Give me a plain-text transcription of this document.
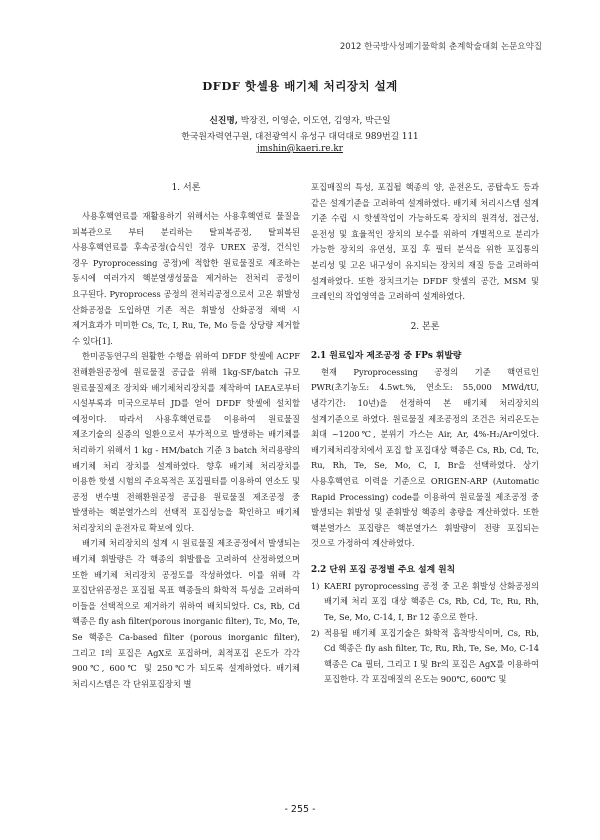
2012 한국방사성폐기물학회 춘계학술대회 논문요약집
DFDF 핫셀용 배기체 처리장치 설계
신진명, 박장진, 이영순, 이도연, 김영자, 박근일
한국원자력연구원, 대전광역시 유성구 대덕대로 989번길 111
jmshin@kaeri.re.kr
1. 서론

사용후핵연료를 재활용하기 위해서는 사용후핵연료 물질을 피복관으로 부터 분리하는 탈피복공정, 탈피복된 사용후핵연료를 후속공정(습식인 경우 UREX 공정, 건식인 경우 Pyroprocessing 공정)에 적합한 원료물질로 제조하는 동시에 여러가지 핵분열생성물을 제거하는 전처리 공정이 요구된다. Pyroprocess 공정의 전처리공정으로서 고온 휘발성 산화공정을 도입하면 기존 적은 휘발성 산화공정 채택 시 제거효과가 미미한 Cs, Tc, I, Ru, Te, Mo 등을 상당량 제거할 수 있다[1].

한미공동연구의 원활한 수행을 위하여 DFDF 핫셀에 ACPF 전해환원공정에 원료물질 공급을 위해 1kg-SF/batch 규모 원료물질제조 장치와 배기체처리장치를 제작하여 IAEA로부터 시설부록과 미국으로부터 JD를 얻어 DFDF 핫셀에 설치할 예정이다. 따라서 사용후핵연료를 이용하여 원료물질 제조기술의 실증의 일환으로서 부가적으로 발생하는 배기체를 처리하기 위해서 1 kg - HM/batch 기준 3 batch 처리용량의 배기체 처리 장치를 설계하였다. 향후 배기체 처리장치를 이용한 핫셀 시험의 주요목적은 포집필터를 이용하여 연소도 및 공정 변수별 전해환원공정 공급용 원료물질 제조공정 중 발생하는 핵분열가스의 선택적 포집성능을 확인하고 배기체 처리장치의 운전자료 확보에 있다.

배기체 처리장치의 설계 시 원료물질 제조공정에서 발생되는 배기체 휘발량은 각 핵종의 휘발률을 고려하여 산정하였으며 또한 배기체 처리장치 공정도를 작성하였다. 이를 위해 각 포집단위공정은 포집될 목표 핵종들의 화학적 특성을 고려하여 이들을 선택적으로 제거하기 위하여 배치되었다. Cs, Rb, Cd 핵종은 fly ash filter(porous inorganic filter), Tc, Mo, Te, Se 핵종은 Ca-based filter (porous inorganic filter), 그리고 I의 포집은 AgX로 포집하며, 최적포집 온도가 각각 900℃, 600℃ 및 250℃가 되도록 설계하였다. 배기체 처리시스템은 각 단위포집장치 별

포집매질의 특성, 포집될 핵종의 양, 운전온도, 공탑속도 등과 같은 설계기준을 고려하여 설계하였다. 배기체 처리시스템 설계 기준 수립 시 핫셀작업이 가능하도록 장치의 원격성, 접근성, 운전성 및 효율적인 장치의 보수를 위하여 개별적으로 분리가 가능한 장치의 유연성, 포집 후 필터 분석을 위한 포집통의 분리성 및 고온 내구성이 유지되는 장치의 재질 등을 고려하여 설계하였다. 또한 장치크기는 DFDF 핫셀의 공간, MSM 및 크레인의 작업영역을 고려하여 설계하였다.

2. 본론
2.1 원료입자 제조공정 중 FPs 휘발량

현재 Pyroprocessing 공정의 기준 핵연료인 PWR(초기농도: 4.5wt.%, 연소도: 55,000 MWd/tU, 냉각기간: 10년)을 선정하여 본 배기체 처리장치의 설계기준으로 하였다. 원료물질 제조공정의 조건은 처리온도는 최대 ~1200℃, 분위기 가스는 Air, Ar, 4%-H₂/Ar이었다. 배기체처리장치에서 포집 할 포집대상 핵종은 Cs, Rb, Cd, Tc, Ru, Rh, Te, Se, Mo, C, I, Br을 선택하였다. 상기 사용후핵연료 이력을 기준으로 ORIGEN-ARP (Automatic Rapid Processing) code를 이용하여 원료물질 제조공정 중 발생되는 휘발성 및 준휘발성 핵종의 총량을 계산하였다. 또한 핵분열가스 포집량은 핵분열가스 휘발량이 전량 포집되는 것으로 가정하여 계산하였다.

2.2 단위 포집 공정별 주요 설계 원칙
1) KAERI pyroprocessing 공정 중 고온 휘발성 산화공정의 배기체 처리 포집 대상 핵종은 Cs, Rb, Cd, Tc, Ru, Rh, Te, Se, Mo, C-14, I, Br 12 종으로 한다.
2) 적용될 배기체 포집기술은 화학적 흡착방식이며, Cs, Rb, Cd 핵종은 fly ash filter, Tc, Ru, Rh, Te, Se, Mo, C-14 핵종은 Ca 필터, 그리고 I 및 Br의 포집은 AgX를 이용하여 포집한다. 각 포집매질의 온도는 900℃, 600℃ 및
- 255 -
